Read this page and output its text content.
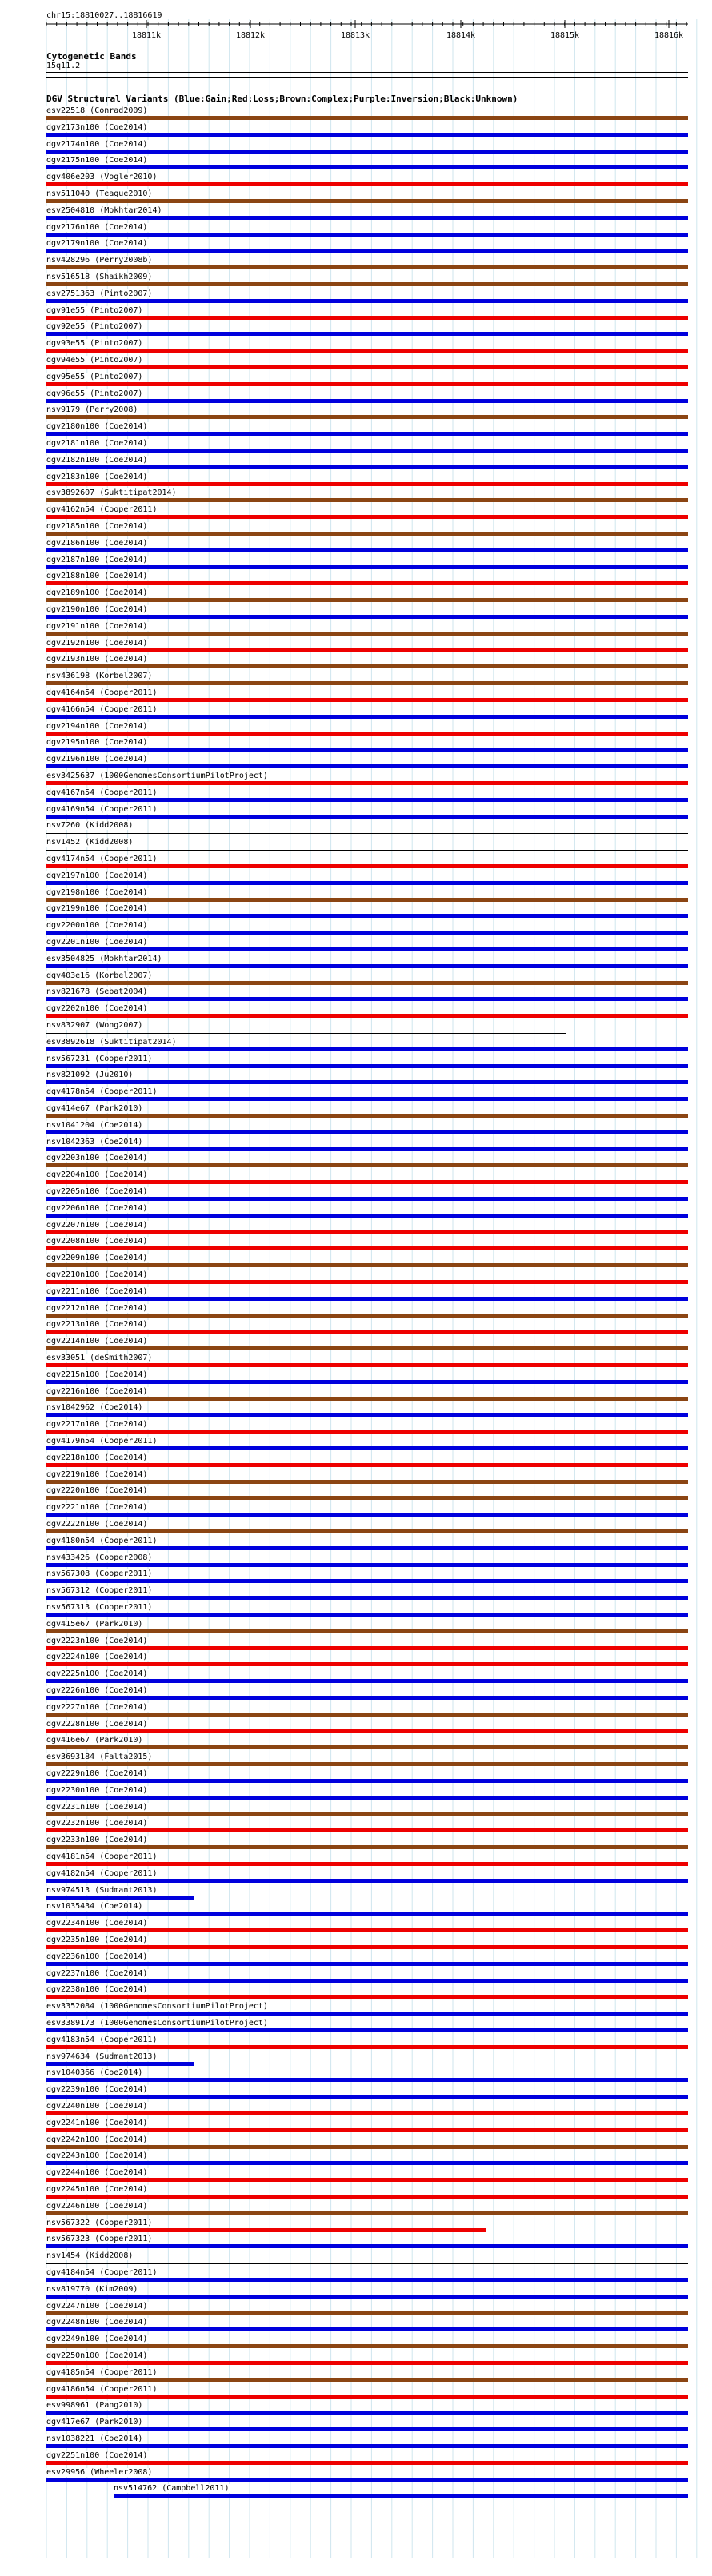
chr15:18810027..18816619
18811k	18812k	18813k	18814k	18815k	18816k
Cytogenetic Bands
15q11.2
DGV Structural Variants (Blue:Gain;Red:Loss;Brown:Complex;Purple:Inversion;Black:Unknown)
esv22518 (Conrad2009)
dgv2173n100 (Coe2014)
dgv2174n100 (Coe2014)
dgv2175n100 (Coe2014)
dgv406e203 (Vogler2010)
nsv511040 (Teague2010)
esv2504810 (Mokhtar2014)
dgv2176n100 (Coe2014)
dgv2179n100 (Coe2014)
nsv428296 (Perry2008b)
nsv516518 (Shaikh2009)
esv2751363 (Pinto2007)
dgv91e55 (Pinto2007)
dgv92e55 (Pinto2007)
dgv93e55 (Pinto2007)
dgv94e55 (Pinto2007)
dgv95e55 (Pinto2007)
dgv96e55 (Pinto2007)
nsv9179 (Perry2008)
dgv2180n100 (Coe2014)
dgv2181n100 (Coe2014)
dgv2182n100 (Coe2014)
dgv2183n100 (Coe2014)
esv3892607 (Suktitipat2014)
dgv4162n54 (Cooper2011)
dgv2185n100 (Coe2014)
dgv2186n100 (Coe2014)
dgv2187n100 (Coe2014)
dgv2188n100 (Coe2014)
dgv2189n100 (Coe2014)
dgv2190n100 (Coe2014)
dgv2191n100 (Coe2014)
dgv2192n100 (Coe2014)
dgv2193n100 (Coe2014)
nsv436198 (Korbel2007)
dgv4164n54 (Cooper2011)
dgv4166n54 (Cooper2011)
dgv2194n100 (Coe2014)
dgv2195n100 (Coe2014)
dgv2196n100 (Coe2014)
esv3425637 (1000GenomesConsortiumPilotProject)
dgv4167n54 (Cooper2011)
dgv4169n54 (Cooper2011)
nsv7260 (Kidd2008)
nsv1452 (Kidd2008)
dgv4174n54 (Cooper2011)
dgv2197n100 (Coe2014)
dgv2198n100 (Coe2014)
dgv2199n100 (Coe2014)
dgv2200n100 (Coe2014)
dgv2201n100 (Coe2014)
esv3504825 (Mokhtar2014)
dgv403e16 (Korbel2007)
nsv821678 (Sebat2004)
dgv2202n100 (Coe2014)
nsv832907 (Wong2007)
esv3892618 (Suktitipat2014)
nsv567231 (Cooper2011)
nsv821092 (Ju2010)
dgv4178n54 (Cooper2011)
dgv414e67 (Park2010)
nsv1041204 (Coe2014)
nsv1042363 (Coe2014)
dgv2203n100 (Coe2014)
dgv2204n100 (Coe2014)
dgv2205n100 (Coe2014)
dgv2206n100 (Coe2014)
dgv2207n100 (Coe2014)
dgv2208n100 (Coe2014)
dgv2209n100 (Coe2014)
dgv2210n100 (Coe2014)
dgv2211n100 (Coe2014)
dgv2212n100 (Coe2014)
dgv2213n100 (Coe2014)
dgv2214n100 (Coe2014)
esv33051 (deSmith2007)
dgv2215n100 (Coe2014)
dgv2216n100 (Coe2014)
nsv1042962 (Coe2014)
dgv2217n100 (Coe2014)
dgv4179n54 (Cooper2011)
dgv2218n100 (Coe2014)
dgv2219n100 (Coe2014)
dgv2220n100 (Coe2014)
dgv2221n100 (Coe2014)
dgv2222n100 (Coe2014)
dgv4180n54 (Cooper2011)
nsv433426 (Cooper2008)
nsv567308 (Cooper2011)
nsv567312 (Cooper2011)
nsv567313 (Cooper2011)
dgv415e67 (Park2010)
dgv2223n100 (Coe2014)
dgv2224n100 (Coe2014)
dgv2225n100 (Coe2014)
dgv2226n100 (Coe2014)
dgv2227n100 (Coe2014)
dgv2228n100 (Coe2014)
dgv416e67 (Park2010)
esv3693184 (Falta2015)
dgv2229n100 (Coe2014)
dgv2230n100 (Coe2014)
dgv2231n100 (Coe2014)
dgv2232n100 (Coe2014)
dgv2233n100 (Coe2014)
dgv4181n54 (Cooper2011)
dgv4182n54 (Cooper2011)
nsv974513 (Sudmant2013)
nsv1035434 (Coe2014)
dgv2234n100 (Coe2014)
dgv2235n100 (Coe2014)
dgv2236n100 (Coe2014)
dgv2237n100 (Coe2014)
dgv2238n100 (Coe2014)
esv3352084 (1000GenomesConsortiumPilotProject)
esv3389173 (1000GenomesConsortiumPilotProject)
dgv4183n54 (Cooper2011)
nsv974634 (Sudmant2013)
nsv1040366 (Coe2014)
dgv2239n100 (Coe2014)
dgv2240n100 (Coe2014)
dgv2241n100 (Coe2014)
dgv2242n100 (Coe2014)
dgv2243n100 (Coe2014)
dgv2244n100 (Coe2014)
dgv2245n100 (Coe2014)
dgv2246n100 (Coe2014)
nsv567322 (Cooper2011)
nsv567323 (Cooper2011)
nsv1454 (Kidd2008)
dgv4184n54 (Cooper2011)
nsv819770 (Kim2009)
dgv2247n100 (Coe2014)
dgv2248n100 (Coe2014)
dgv2249n100 (Coe2014)
dgv2250n100 (Coe2014)
dgv4185n54 (Cooper2011)
dgv4186n54 (Cooper2011)
esv998961 (Pang2010)
dgv417e67 (Park2010)
nsv1038221 (Coe2014)
dgv2251n100 (Coe2014)
esv29956 (Wheeler2008)
nsv514762 (Campbell2011)
